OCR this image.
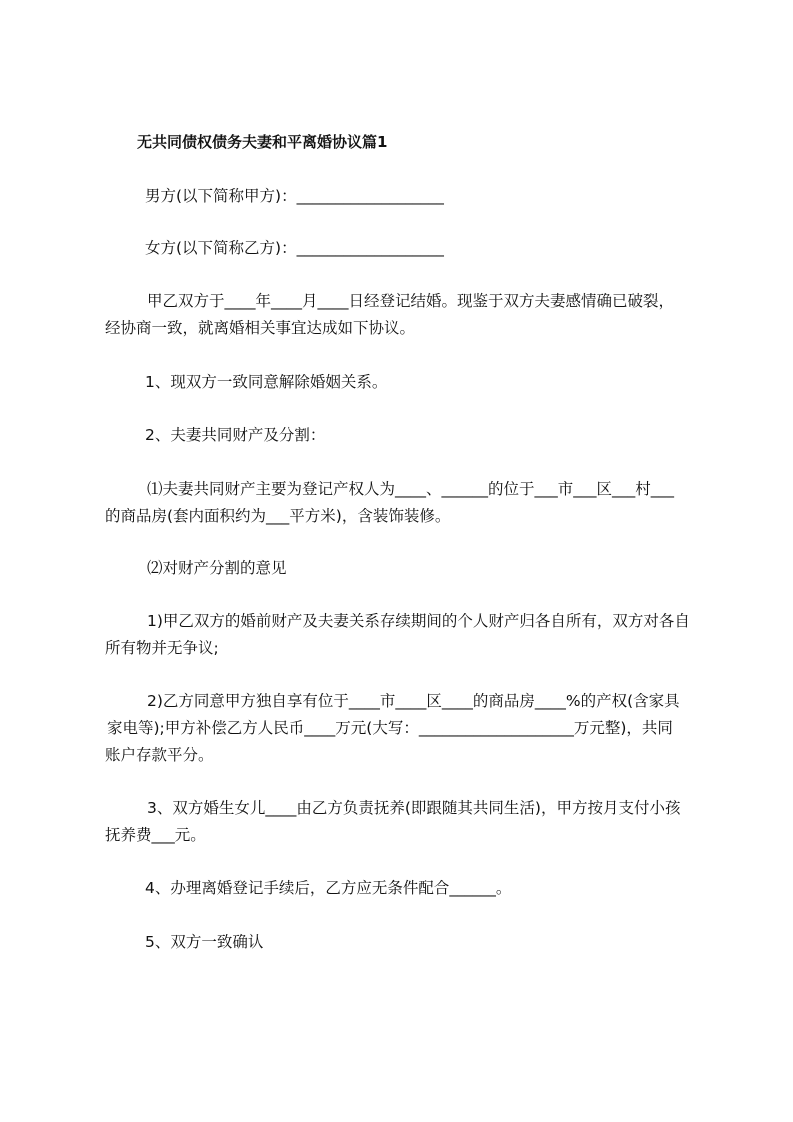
无共同债权债务夫妻和平离婚协议篇1
男方(以下简称甲方)：___________________
女方(以下简称乙方)：___________________
甲乙双方于____年____月____日经登记结婚。现鉴于双方夫妻感情确已破裂，
经协商一致，就离婚相关事宜达成如下协议。
1、现双方一致同意解除婚姻关系。
2、夫妻共同财产及分割：
⑴夫妻共同财产主要为登记产权人为____、______的位于___市___区___村___
的商品房(套内面积约为___平方米)，含装饰装修。
⑵对财产分割的意见
1)甲乙双方的婚前财产及夫妻关系存续期间的个人财产归各自所有，双方对各自
所有物并无争议;
2)乙方同意甲方独自享有位于____市____区____的商品房____%的产权(含家具
家电等);甲方补偿乙方人民币____万元(大写：____________________万元整)，共同
账户存款平分。
3、双方婚生女儿____由乙方负责抚养(即跟随其共同生活)，甲方按月支付小孩
抚养费___元。
4、办理离婚登记手续后，乙方应无条件配合______。
5、双方一致确认
